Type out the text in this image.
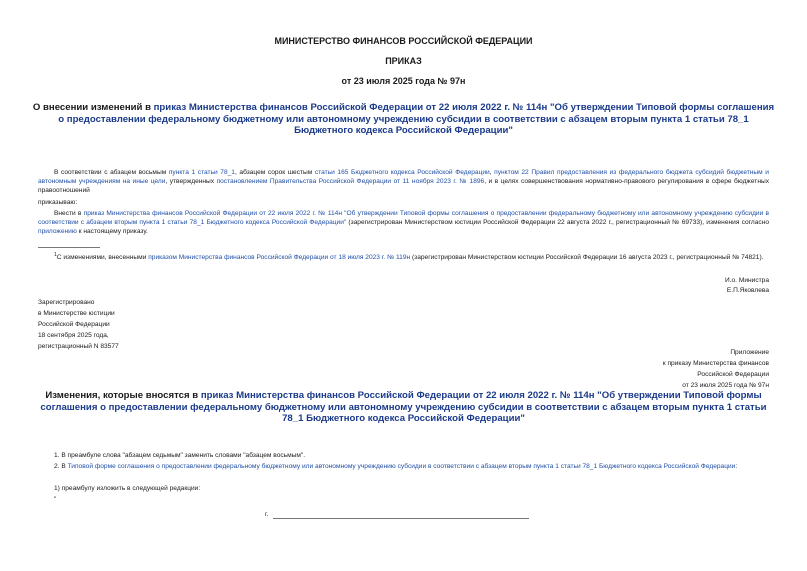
МИНИСТЕРСТВО ФИНАНСОВ РОССИЙСКОЙ ФЕДЕРАЦИИ
ПРИКАЗ
от 23 июля 2025 года № 97н
О внесении изменений в приказ Министерства финансов Российской Федерации от 22 июля 2022 г. № 114н "Об утверждении Типовой формы соглашения о предоставлении федеральному бюджетному или автономному учреждению субсидии в соответствии с абзацем вторым пункта 1 статьи 78_1 Бюджетного кодекса Российской Федерации"
В соответствии с абзацем восьмым пункта 1 статьи 78_1, абзацем сорок шестым статьи 165 Бюджетного кодекса Российской Федерации, пунктом 22 Правил предоставления из федерального бюджета субсидий бюджетным и автономным учреждениям на иные цели, утвержденных постановлением Правительства Российской Федерации от 11 ноября 2023 г. № 1896, и в целях совершенствования нормативно-правового регулирования в сфере бюджетных правоотношений
приказываю:
Внести в приказ Министерства финансов Российской Федерации от 22 июля 2022 г. № 114н "Об утверждении Типовой формы соглашения о предоставлении федеральному бюджетному или автономному учреждению субсидии в соответствии с абзацем вторым пункта 1 статьи 78_1 Бюджетного кодекса Российской Федерации" (зарегистрирован Министерством юстиции Российской Федерации 22 августа 2022 г., регистрационный № 69733), изменения согласно приложению к настоящему приказу.
$^1$С изменениями, внесенными приказом Министерства финансов Российской Федерации от 18 июля 2023 г. № 119н (зарегистрирован Министерством юстиции Российской Федерации 16 августа 2023 г., регистрационный № 74821).
И.о. Министра
Е.П.Яковлева
Зарегистрировано
в Министерстве юстиции
Российской Федерации
18 сентября 2025 года,
регистрационный N 83577
Приложение
к приказу Министерства финансов
Российской Федерации
от 23 июля 2025 года № 97н
Изменения, которые вносятся в приказ Министерства финансов Российской Федерации от 22 июля 2022 г. № 114н "Об утверждении Типовой формы соглашения о предоставлении федеральному бюджетному или автономному учреждению субсидии в соответствии с абзацем вторым пункта 1 статьи 78_1 Бюджетного кодекса Российской Федерации"
1. В преамбуле слова "абзацем седьмым" заменить словами "абзацем восьмым".
2. В Типовой форме соглашения о предоставлении федеральному бюджетному или автономному учреждению субсидии в соответствии с абзацем вторым пункта 1 статьи 78_1 Бюджетного кодекса Российской Федерации:
1) преамбулу изложить в следующей редакции:
"
г.
